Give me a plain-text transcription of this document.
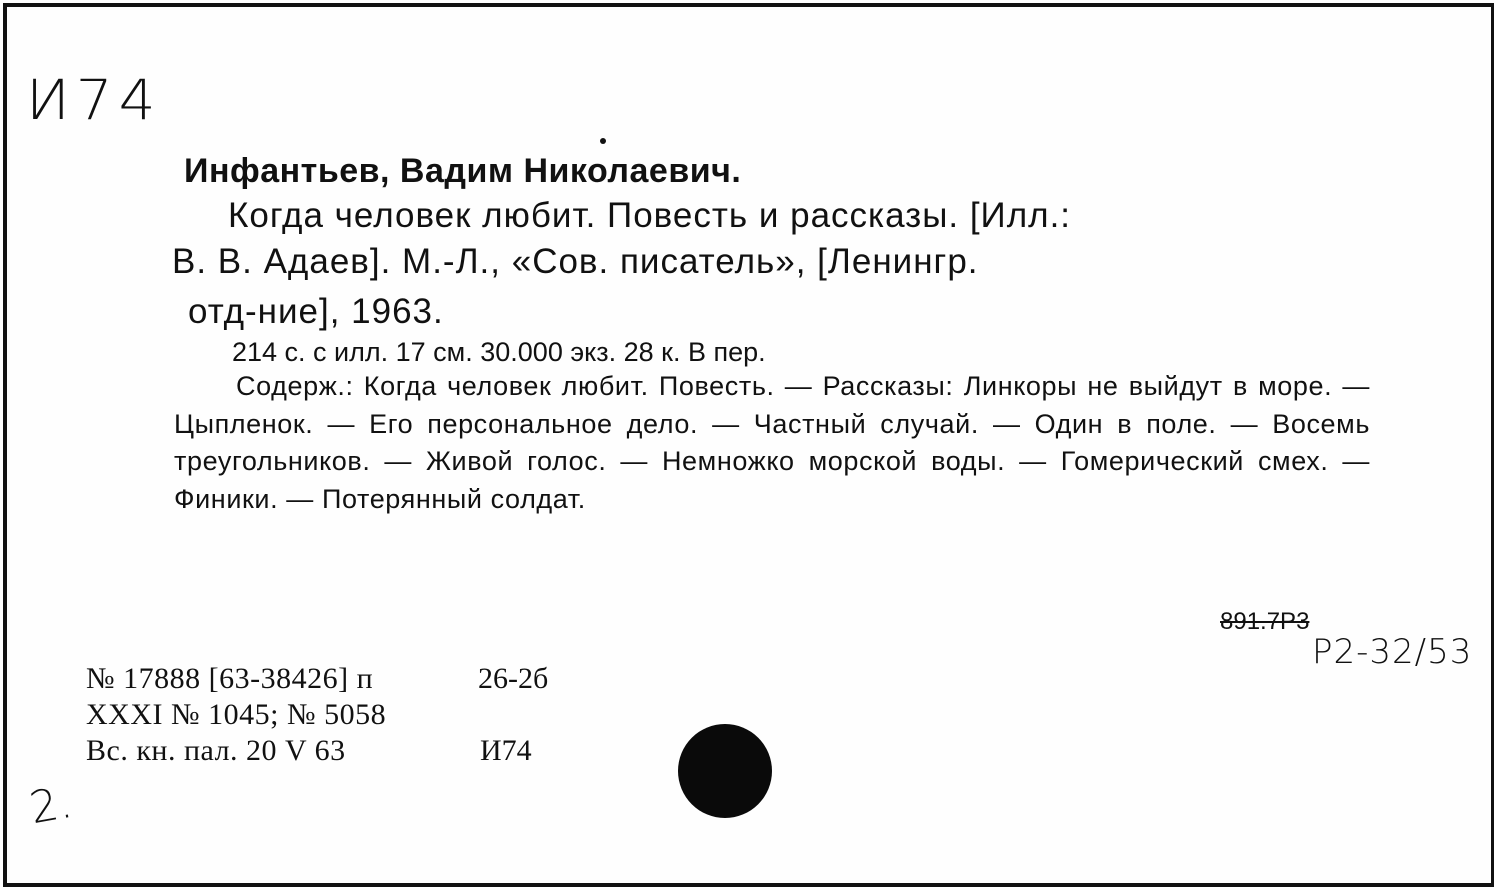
И74
Инфантьев, Вадим Николаевич.
Когда человек любит. Повесть и рассказы. [Илл.:
В. В. Адаев]. М.-Л., «Сов. писатель», [Ленингр.
отд-ние], 1963.
214 с. с илл. 17 см. 30.000 экз. 28 к. В пер.
Содерж.: Когда человек любит. Повесть. — Рассказы: Линкоры не выйдут в море. — Цыпленок. — Его персональное дело. — Частный случай. — Один в поле. — Восемь треугольников. — Живой голос. — Немножко морской воды. — Гомерический смех. — Финики. — Потерянный солдат.
891.7Р3
Р2-32/53
№ 17888 [63-38426] п
XXXI № 1045; № 5058
Вс. кн. пал. 20 V 63
26-2б
И74
2.
